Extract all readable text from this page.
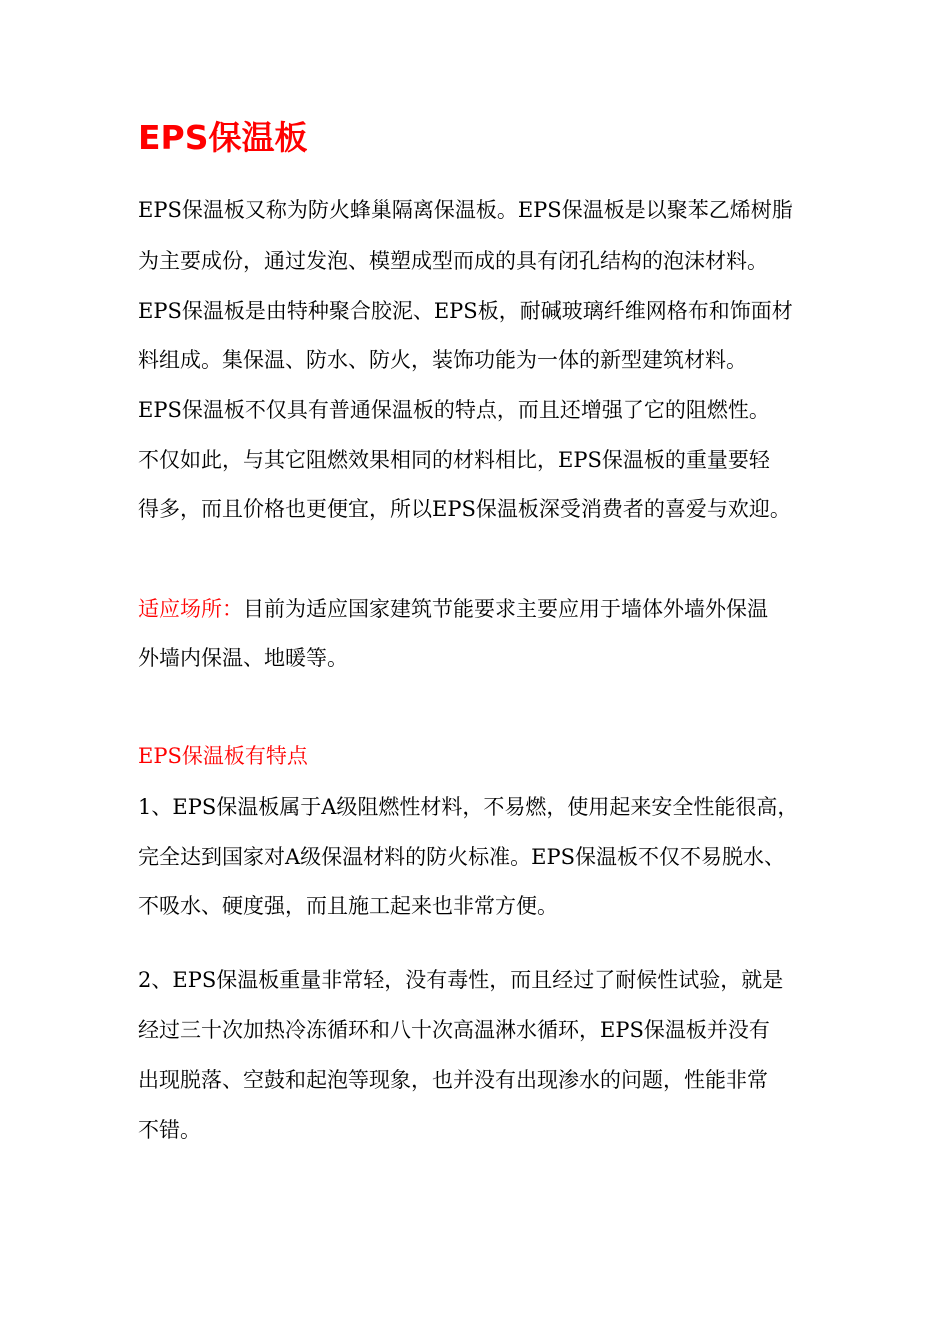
EPS保温板
EPS保温板又称为防火蜂巢隔离保温板。EPS保温板是以聚苯乙烯树脂
为主要成份，通过发泡、模塑成型而成的具有闭孔结构的泡沫材料。
EPS保温板是由特种聚合胶泥、EPS板，耐碱玻璃纤维网格布和饰面材
料组成。集保温、防水、防火，装饰功能为一体的新型建筑材料。
EPS保温板不仅具有普通保温板的特点，而且还增强了它的阻燃性。
不仅如此，与其它阻燃效果相同的材料相比，EPS保温板的重量要轻
得多，而且价格也更便宜，所以EPS保温板深受消费者的喜爱与欢迎。
适应场所：目前为适应国家建筑节能要求主要应用于墙体外墙外保温
外墙内保温、地暖等。
EPS保温板有特点
1、EPS保温板属于A级阻燃性材料，不易燃，使用起来安全性能很高，
完全达到国家对A级保温材料的防火标准。EPS保温板不仅不易脱水、
不吸水、硬度强，而且施工起来也非常方便。
2、EPS保温板重量非常轻，没有毒性，而且经过了耐候性试验，就是
经过三十次加热冷冻循环和八十次高温淋水循环，EPS保温板并没有
出现脱落、空鼓和起泡等现象，也并没有出现渗水的问题，性能非常
不错。
